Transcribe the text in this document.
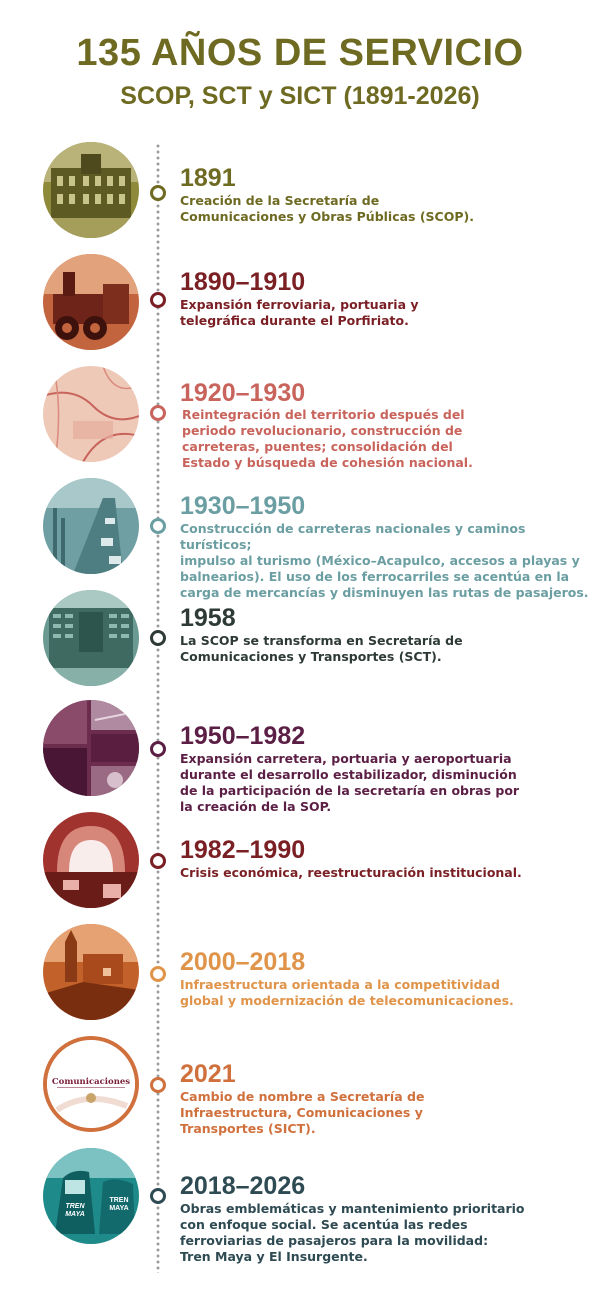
135 AÑOS DE SERVICIO
SCOP, SCT y SICT (1891-2026)
1891
Creación de la Secretaría de
Comunicaciones y Obras Públicas (SCOP).
1890–1910
Expansión ferroviaria, portuaria y
telegráfica durante el Porfiriato.
1920–1930
Reintegración del territorio después del
periodo revolucionario, construcción de
carreteras, puentes; consolidación del
Estado y búsqueda de cohesión nacional.
1930–1950
Construcción de carreteras nacionales y caminos turísticos;
impulso al turismo (México–Acapulco, accesos a playas y
balnearios). El uso de los ferrocarriles se acentúa en la
carga de mercancías y disminuyen las rutas de pasajeros.
1958
La SCOP se transforma en Secretaría de
Comunicaciones y Transportes (SCT).
1950–1982
Expansión carretera, portuaria y aeroportuaria
durante el desarrollo estabilizador, disminución
de la participación de la secretaría en obras por
la creación de la SOP.
1982–1990
Crisis económica, reestructuración institucional.
2000–2018
Infraestructura orientada a la competitividad
global y modernización de telecomunicaciones.
Comunicaciones 2021
Cambio de nombre a Secretaría de
Infraestructura, Comunicaciones y
Transportes (SICT).
TREN
MAYA
TREN
MAYA
2018–2026
Obras emblemáticas y mantenimiento prioritario
con enfoque social. Se acentúa las redes
ferroviarias de pasajeros para la movilidad:
Tren Maya y El Insurgente.
